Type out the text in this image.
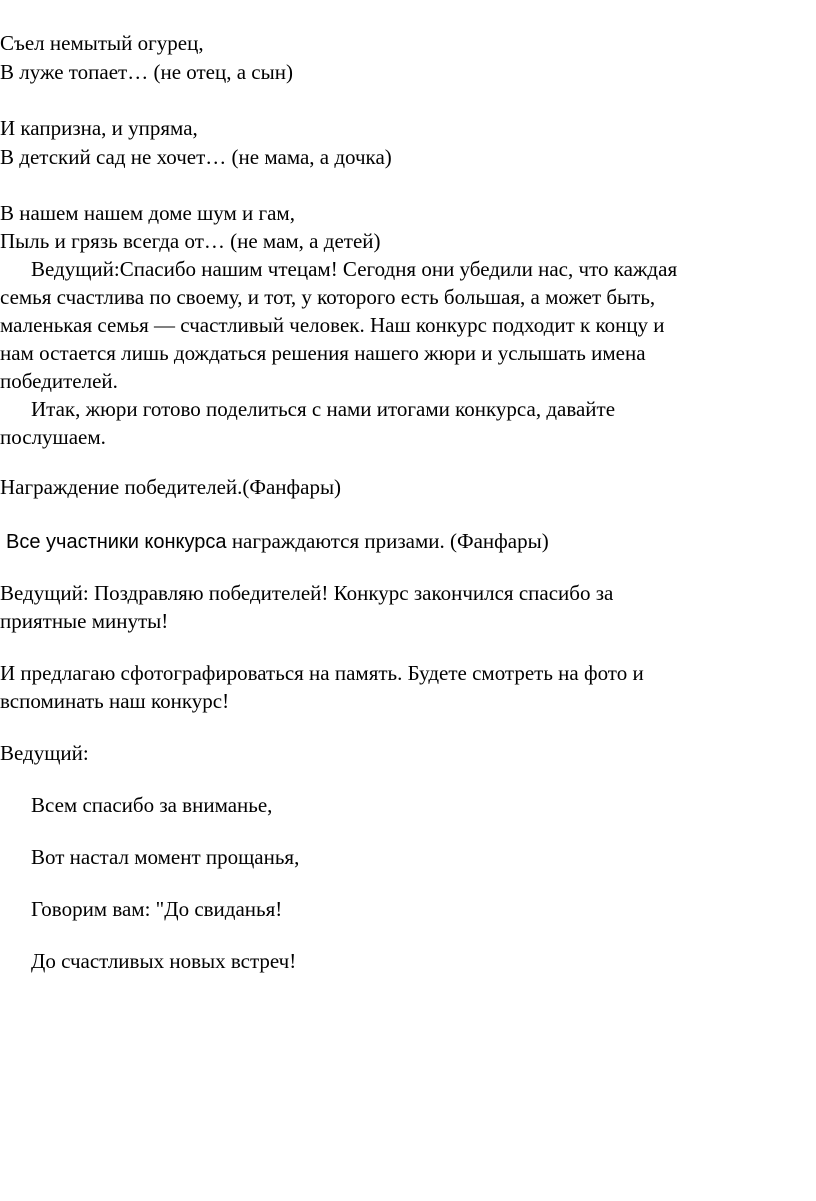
Съел немытый огурец,
В луже топает… (не отец, а сын)
И капризна, и упряма,
В детский сад не хочет… (не мама, а дочка)
В нашем нашем доме шум и гам,
Пыль и грязь всегда от… (не мам, а детей)
Ведущий:Спасибо нашим чтецам! Сегодня они убедили нас, что каждая
семья счастлива по своему, и тот, у которого есть большая, а может быть,
маленькая семья — счастливый человек. Наш конкурс подходит к концу и
нам остается лишь дождаться решения нашего жюри и услышать имена
победителей.
Итак, жюри готово поделиться с нами итогами конкурса, давайте
послушаем.
Награждение победителей.(Фанфары)
Все участники конкурса награждаются призами. (Фанфары)
Ведущий: Поздравляю победителей! Конкурс закончился спасибо за
приятные минуты!
И предлагаю сфотографироваться на память. Будете смотреть на фото и
вспоминать наш конкурс!
Ведущий:
Всем спасибо за вниманье,
Вот настал момент прощанья,
Говорим вам: "До свиданья!
До счастливых новых встреч!
